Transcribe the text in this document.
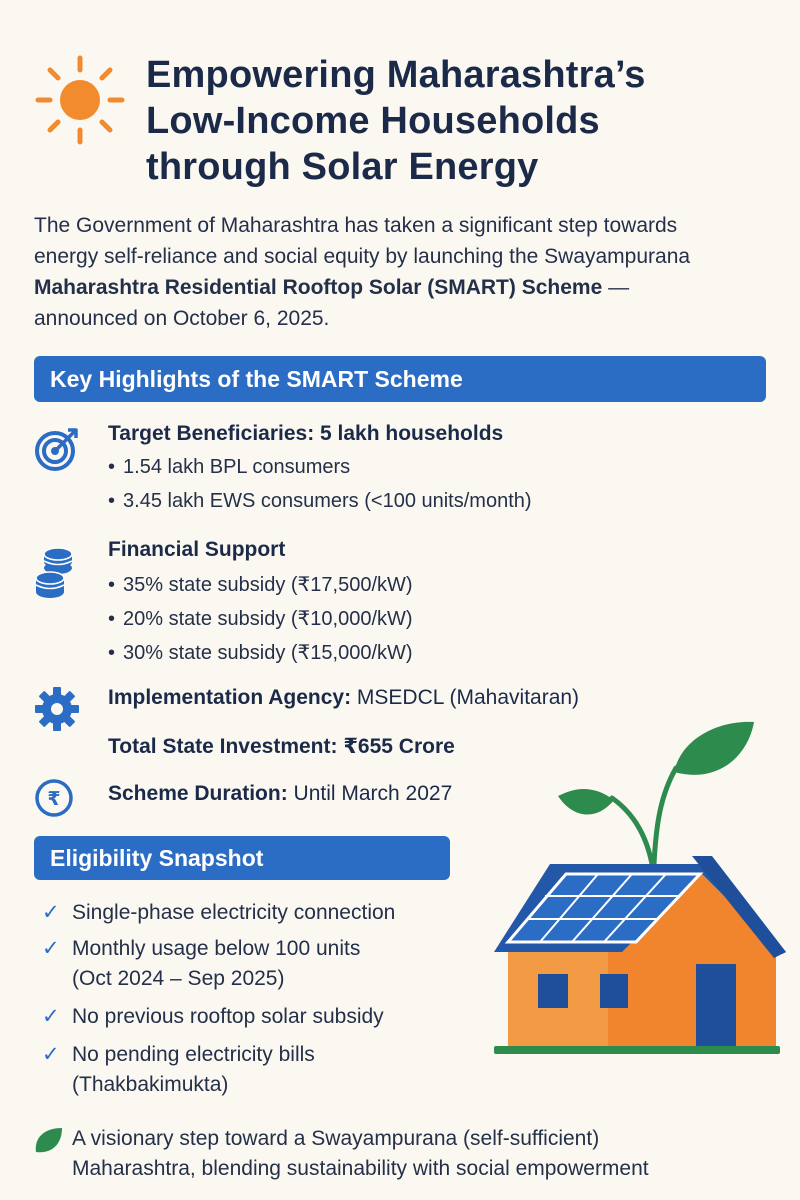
Empowering Maharashtra’s
Low-Income Households
through Solar Energy
The Government of Maharashtra has taken a significant step towards
energy self-reliance and social equity by launching the Swayampurana
Maharashtra Residential Rooftop Solar (SMART) Scheme —
announced on October 6, 2025.
Key Highlights of the SMART Scheme
Target Beneficiaries: 5 lakh households
• 1.54 lakh BPL consumers
• 3.45 lakh EWS consumers (<100 units/month)
Financial Support
• 35% state subsidy (₹17,500/kW)
• 20% state subsidy (₹10,000/kW)
• 30% state subsidy (₹15,000/kW)
Implementation Agency: MSEDCL (Mahavitaran)
Total State Investment: ₹655 Crore
₹ Scheme Duration: Until March 2027
Eligibility Snapshot
✓ Single-phase electricity connection
✓ Monthly usage below 100 units
(Oct 2024 – Sep 2025)
✓ No previous rooftop solar subsidy
✓ No pending electricity bills
(Thakbakimukta)
A visionary step toward a Swayampurana (self-sufficient)
Maharashtra, blending sustainability with social empowerment
